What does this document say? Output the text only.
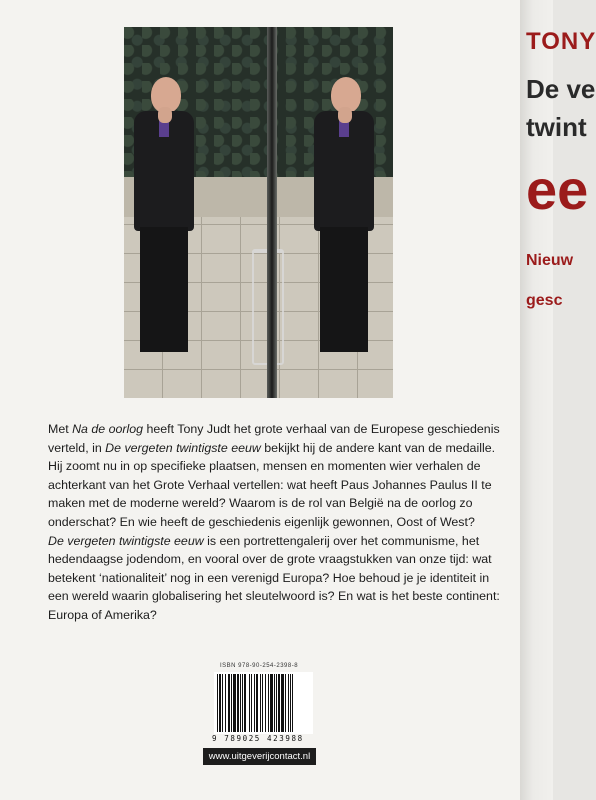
Met Na de oorlog heeft Tony Judt het grote verhaal van de Europese geschiedenis verteld, in De vergeten twintigste eeuw bekijkt hij de andere kant van de medaille. Hij zoomt nu in op specifieke plaatsen, mensen en momenten wier verhalen de achterkant van het Grote Verhaal vertellen: wat heeft Paus Johannes Paulus II te maken met de moderne wereld? Waarom is de rol van België na de oorlog zo onderschat? En wie heeft de geschiedenis eigenlijk gewonnen, Oost of West?
De vergeten twintigste eeuw is een portrettengalerij over het communisme, het hedendaagse jodendom, en vooral over de grote vraagstukken van onze tijd: wat betekent ‘nationaliteit’ nog in een verenigd Europa? Hoe behoud je je identiteit in een wereld waarin globalisering het sleutelwoord is? En wat is het beste continent: Europa of Amerika?

ISBN 978-90-254-2398-8
9 789025 423988
www.uitgeverijcontact.nl
TONY
De ve
twint
ee
Nieuw
gesc
